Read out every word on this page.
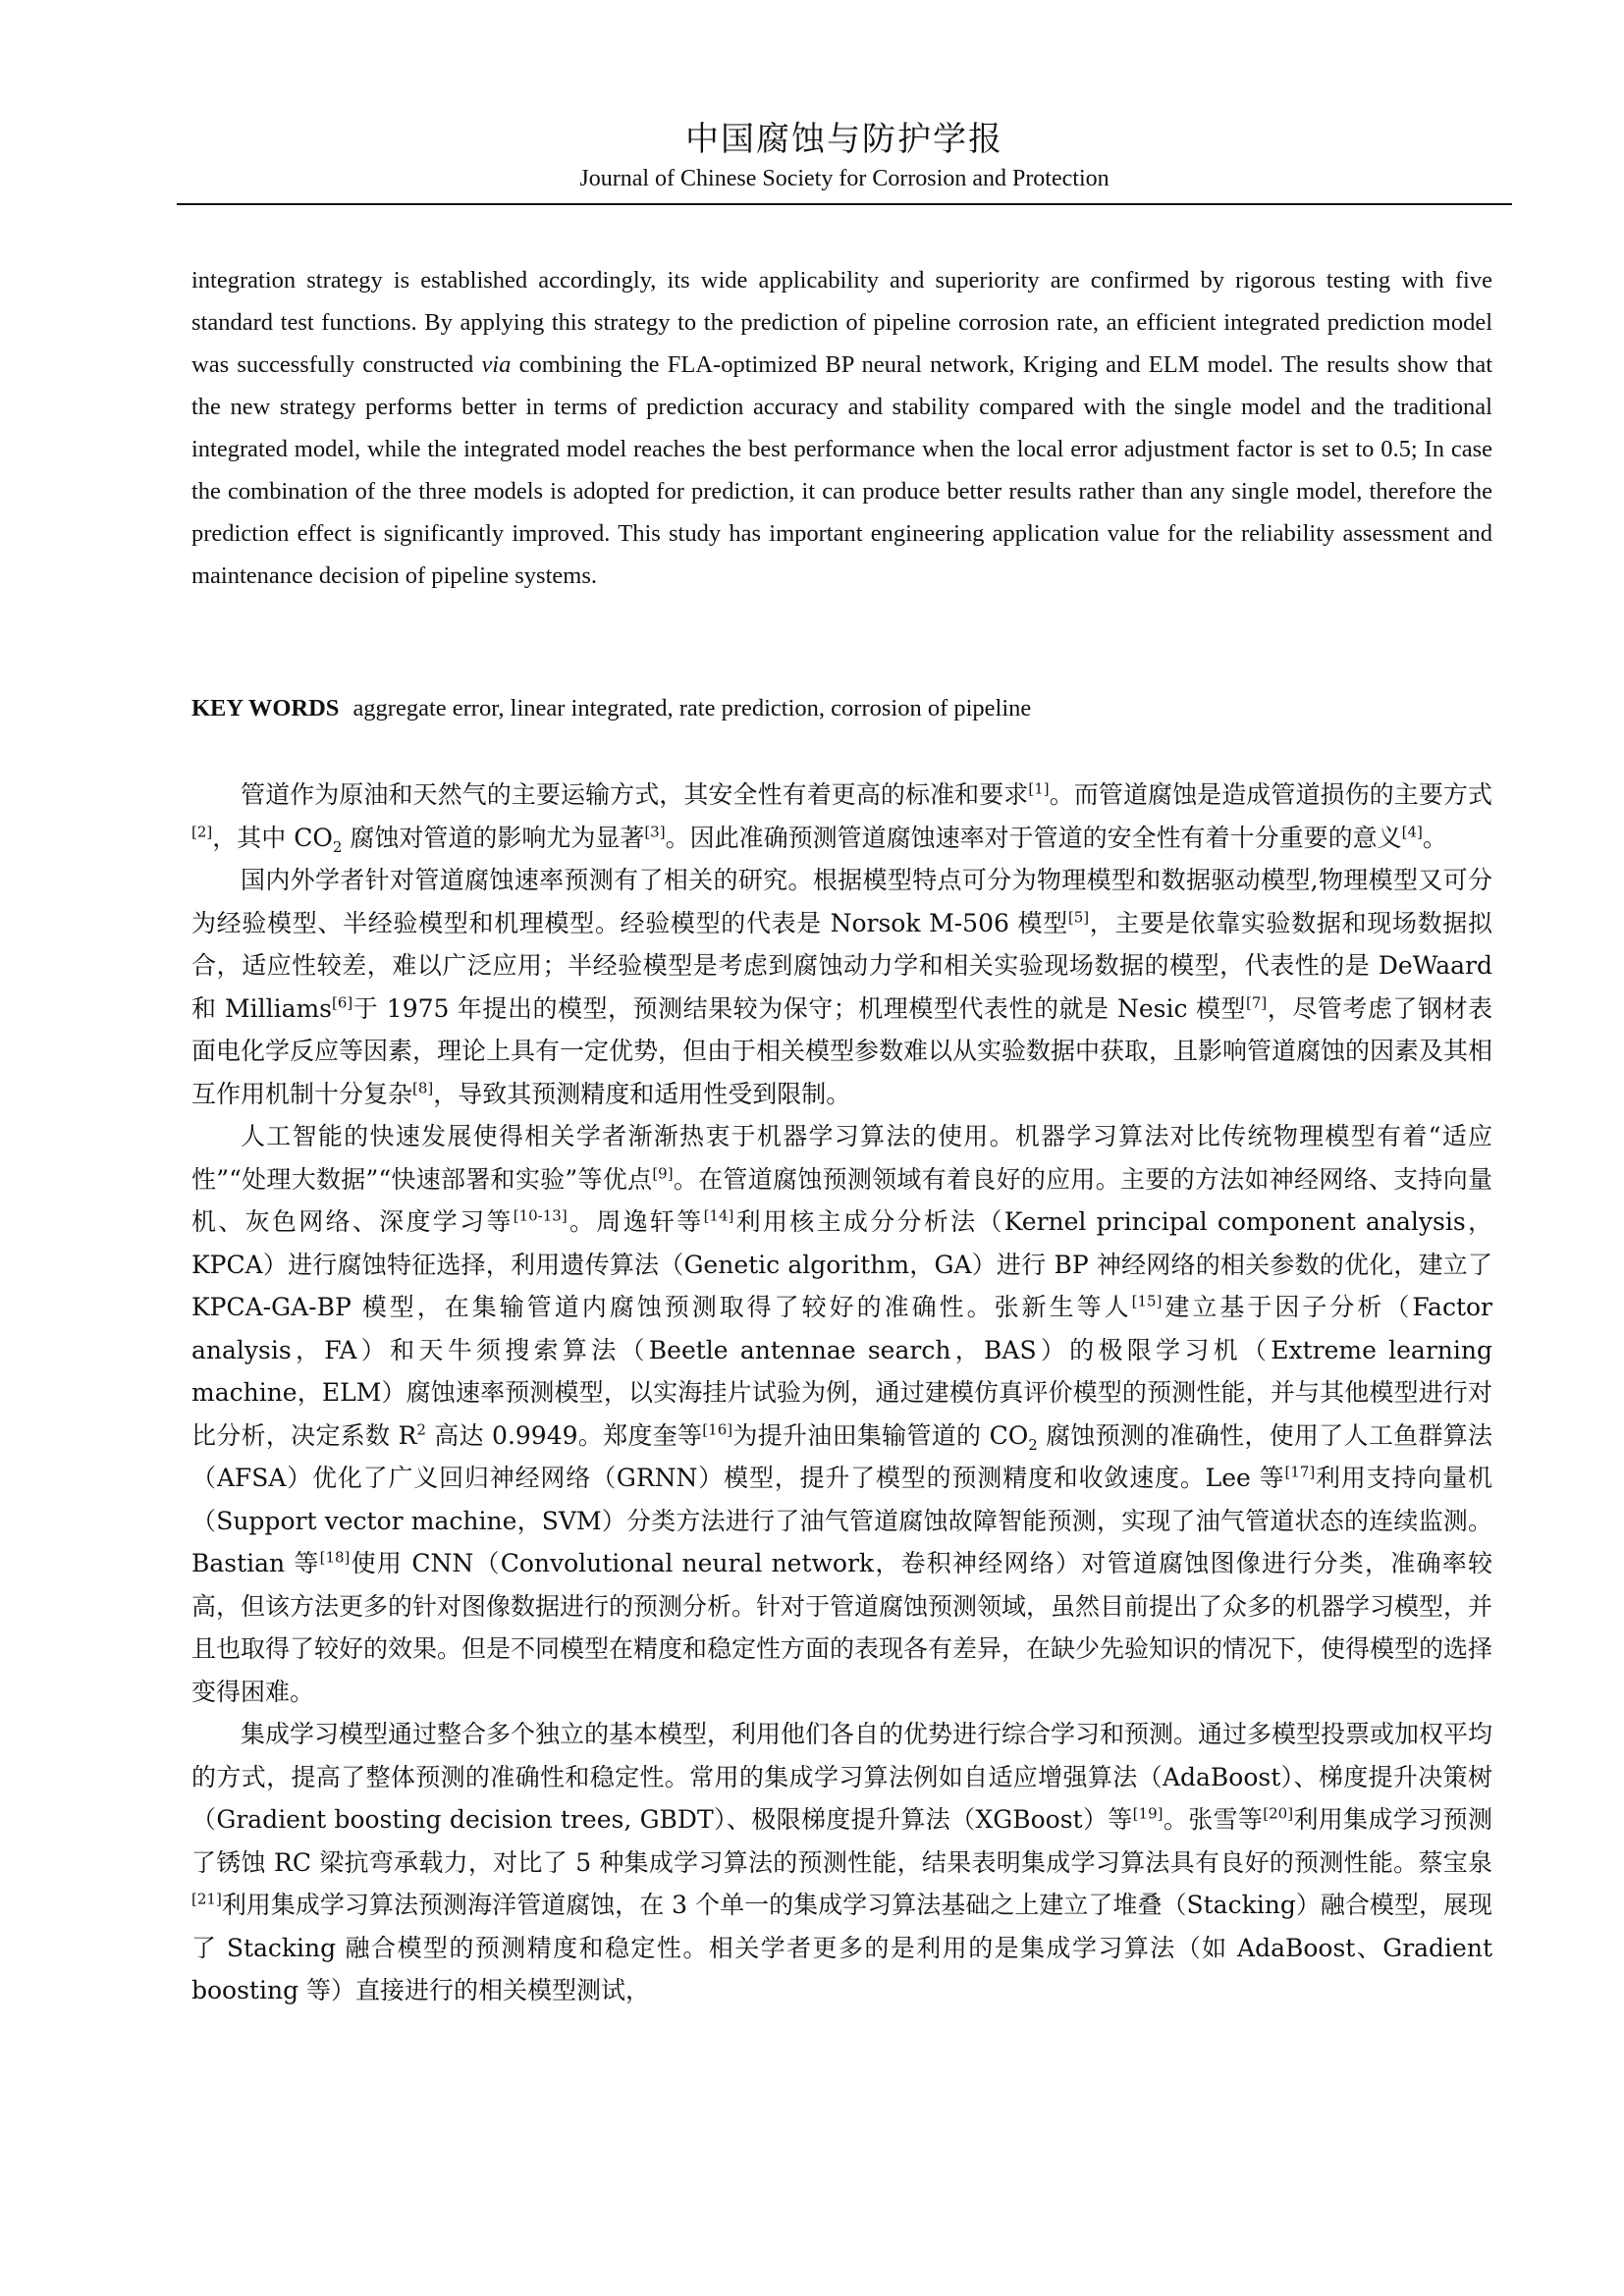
中国腐蚀与防护学报
Journal of Chinese Society for Corrosion and Protection
integration strategy is established accordingly, its wide applicability and superiority are confirmed by rigorous testing with five standard test functions. By applying this strategy to the prediction of pipeline corrosion rate, an efficient integrated prediction model was successfully constructed via combining the FLA-optimized BP neural network, Kriging and ELM model. The results show that the new strategy performs better in terms of prediction accuracy and stability compared with the single model and the traditional integrated model, while the integrated model reaches the best performance when the local error adjustment factor is set to 0.5; In case the combination of the three models is adopted for prediction, it can produce better results rather than any single model, therefore the prediction effect is significantly improved. This study has important engineering application value for the reliability assessment and maintenance decision of pipeline systems.
KEY WORDS aggregate error, linear integrated, rate prediction, corrosion of pipeline

管道作为原油和天然气的主要运输方式，其安全性有着更高的标准和要求[1]。而管道腐蚀是造成管道损伤的主要方式[2]，其中 $CO_2$ 腐蚀对管道的影响尤为显著[3]。因此准确预测管道腐蚀速率对于管道的安全性有着十分重要的意义[4]。

国内外学者针对管道腐蚀速率预测有了相关的研究。根据模型特点可分为物理模型和数据驱动模型,物理模型又可分为经验模型、半经验模型和机理模型。经验模型的代表是 Norsok M-506 模型[5]，主要是依靠实验数据和现场数据拟合，适应性较差，难以广泛应用；半经验模型是考虑到腐蚀动力学和相关实验现场数据的模型，代表性的是 DeWaard 和 Milliams[6]于 1975 年提出的模型，预测结果较为保守；机理模型代表性的就是 Nesic 模型[7]，尽管考虑了钢材表面电化学反应等因素，理论上具有一定优势，但由于相关模型参数难以从实验数据中获取，且影响管道腐蚀的因素及其相互作用机制十分复杂[8]，导致其预测精度和适用性受到限制。

人工智能的快速发展使得相关学者渐渐热衷于机器学习算法的使用。机器学习算法对比传统物理模型有着“适应性”“处理大数据”“快速部署和实验”等优点[9]。在管道腐蚀预测领域有着良好的应用。主要的方法如神经网络、支持向量机、灰色网络、深度学习等[10-13]。周逸轩等[14]利用核主成分分析法（Kernel principal component analysis，KPCA）进行腐蚀特征选择，利用遗传算法（Genetic algorithm，GA）进行 BP 神经网络的相关参数的优化，建立了 KPCA-GA-BP 模型，在集输管道内腐蚀预测取得了较好的准确性。张新生等人[15]建立基于因子分析（Factor analysis，FA）和天牛须搜索算法（Beetle antennae search，BAS）的极限学习机（Extreme learning machine，ELM）腐蚀速率预测模型，以实海挂片试验为例，通过建模仿真评价模型的预测性能，并与其他模型进行对比分析，决定系数 $R^2$ 高达 0.9949。郑度奎等[16]为提升油田集输管道的 $CO_2$ 腐蚀预测的准确性，使用了人工鱼群算法（AFSA）优化了广义回归神经网络（GRNN）模型，提升了模型的预测精度和收敛速度。Lee 等[17]利用支持向量机（Support vector machine，SVM）分类方法进行了油气管道腐蚀故障智能预测，实现了油气管道状态的连续监测。Bastian 等[18]使用 CNN（Convolutional neural network，卷积神经网络）对管道腐蚀图像进行分类，准确率较高，但该方法更多的针对图像数据进行的预测分析。针对于管道腐蚀预测领域，虽然目前提出了众多的机器学习模型，并且也取得了较好的效果。但是不同模型在精度和稳定性方面的表现各有差异，在缺少先验知识的情况下，使得模型的选择变得困难。

集成学习模型通过整合多个独立的基本模型，利用他们各自的优势进行综合学习和预测。通过多模型投票或加权平均的方式，提高了整体预测的准确性和稳定性。常用的集成学习算法例如自适应增强算法（AdaBoost）、梯度提升决策树（Gradient boosting decision trees, GBDT）、极限梯度提升算法（XGBoost）等[19]。张雪等[20]利用集成学习预测了锈蚀 RC 梁抗弯承载力，对比了 5 种集成学习算法的预测性能，结果表明集成学习算法具有良好的预测性能。蔡宝泉[21]利用集成学习算法预测海洋管道腐蚀，在 3 个单一的集成学习算法基础之上建立了堆叠（Stacking）融合模型，展现了 Stacking 融合模型的预测精度和稳定性。相关学者更多的是利用的是集成学习算法（如 AdaBoost、Gradient boosting 等）直接进行的相关模型测试，
